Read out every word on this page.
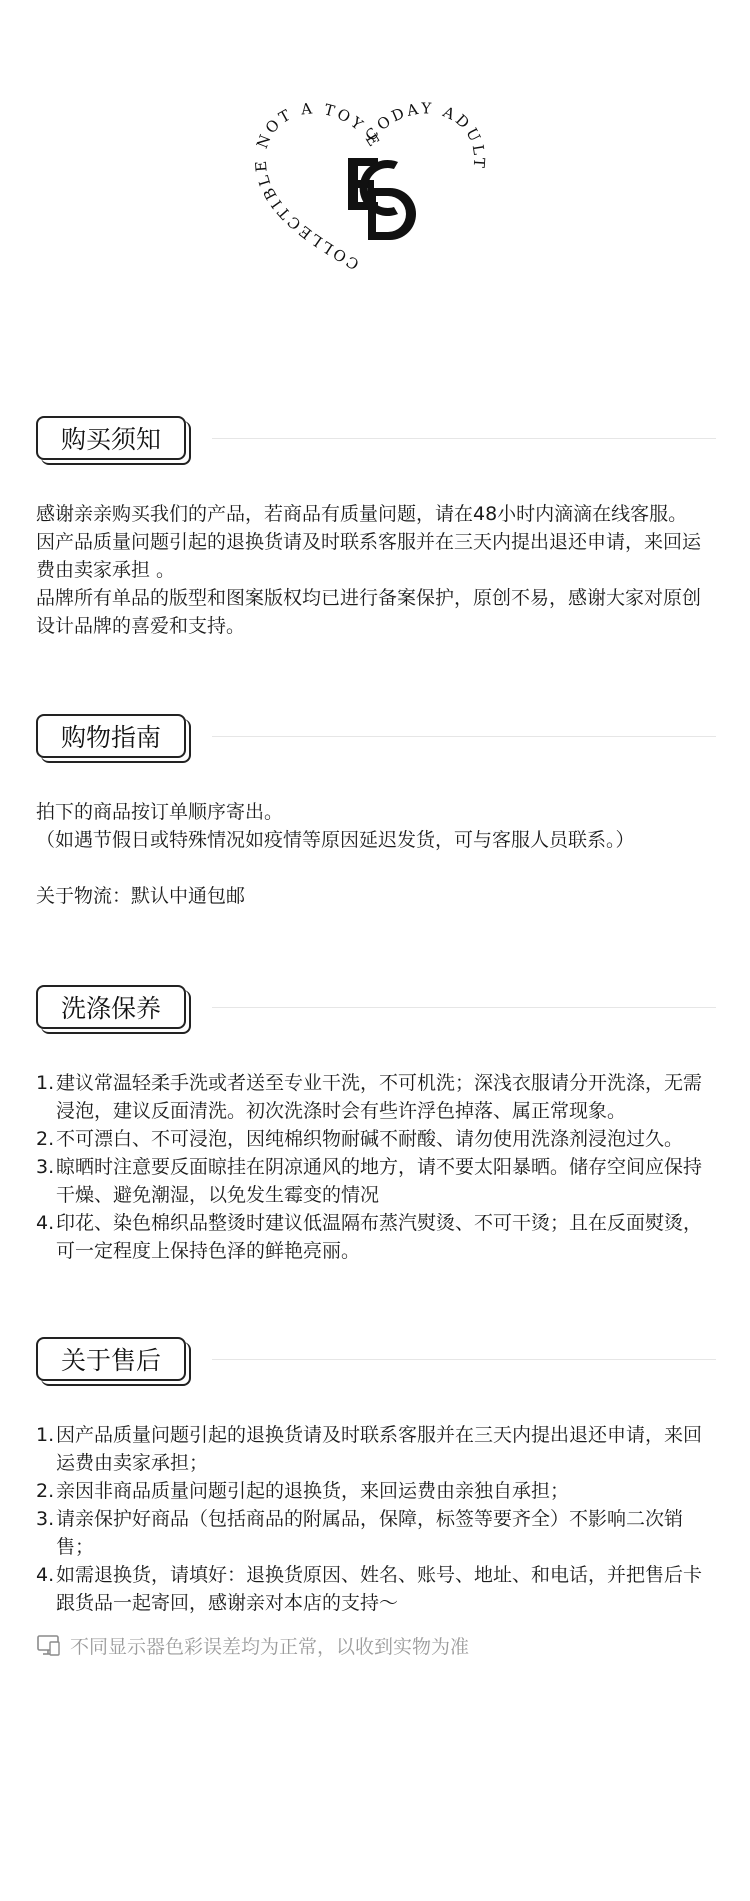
COLLECTIBLE NOT A TOY ECODAY ADULT
购买须知

感谢亲亲购买我们的产品，若商品有质量问题，请在48小时内滴滴在线客服。

因产品质量问题引起的退换货请及时联系客服并在三天内提出退还申请，来回运费由卖家承担 。

品牌所有单品的版型和图案版权均已进行备案保护，原创不易，感谢大家对原创设计品牌的喜爱和支持。

购物指南

拍下的商品按订单顺序寄出。

（如遇节假日或特殊情况如疫情等原因延迟发货，可与客服人员联系。）

关于物流：默认中通包邮

洗涤保养
1. 建议常温轻柔手洗或者送至专业干洗，不可机洗；深浅衣服请分开洗涤，无需浸泡，建议反面清洗。初次洗涤时会有些许浮色掉落、属正常现象。
2. 不可漂白、不可浸泡，因纯棉织物耐碱不耐酸、请勿使用洗涤剂浸泡过久。
3. 晾晒时注意要反面晾挂在阴凉通风的地方，请不要太阳暴晒。储存空间应保持干燥、避免潮湿，以免发生霉变的情况
4. 印花、染色棉织品整烫时建议低温隔布蒸汽熨烫、不可干烫；且在反面熨烫，可一定程度上保持色泽的鲜艳亮丽。
关于售后
1. 因产品质量问题引起的退换货请及时联系客服并在三天内提出退还申请，来回运费由卖家承担；
2. 亲因非商品质量问题引起的退换货，来回运费由亲独自承担；
3. 请亲保护好商品（包括商品的附属品，保障，标签等要齐全）不影响二次销售；
4. 如需退换货，请填好：退换货原因、姓名、账号、地址、和电话，并把售后卡跟货品一起寄回，感谢亲对本店的支持～
不同显示器色彩误差均为正常，以收到实物为准
